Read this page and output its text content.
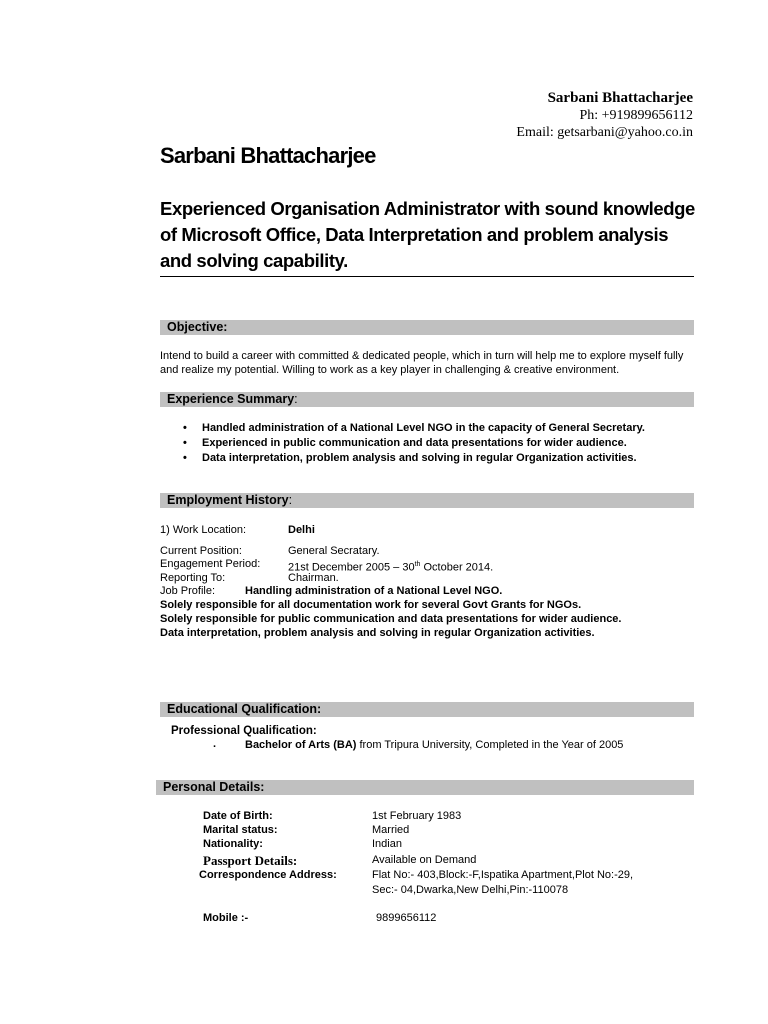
Sarbani Bhattacharjee
Ph: +919899656112
Email: getsarbani@yahoo.co.in
Sarbani Bhattacharjee
Experienced Organisation Administrator with sound knowledge of Microsoft Office, Data Interpretation and problem analysis and solving capability.
Objective:
Intend to build a career with committed & dedicated people, which in turn will help me to explore myself fully and realize my potential. Willing to work as a key player in challenging & creative environment.
Experience Summary:
• Handled administration of a National Level NGO in the capacity of General Secretary.
• Experienced in public communication and data presentations for wider audience.
• Data interpretation, problem analysis and solving in regular Organization activities.
Employment History:
1) Work Location:	Delhi
Current Position:	General Secratary.
Engagement Period:	21st December 2005 – 30th October 2014.
Reporting To:	Chairman.
Job Profile:	Handling administration of a National Level NGO.
Solely responsible for all documentation work for several Govt Grants for NGOs.
Solely responsible for public communication and data presentations for wider audience.
Data interpretation, problem analysis and solving in regular Organization activities.
Educational Qualification:
Professional Qualification:
.	Bachelor of Arts (BA) from Tripura University, Completed in the Year of 2005
Personal Details:
Date of Birth:	1st February 1983
Marital status:	Married
Nationality:	Indian
Passport Details:	Available on Demand
Correspondence Address:	Flat No:- 403,Block:-F,Ispatika Apartment,Plot No:-29,
Sec:- 04,Dwarka,New Delhi,Pin:-110078
Mobile :-	9899656112
